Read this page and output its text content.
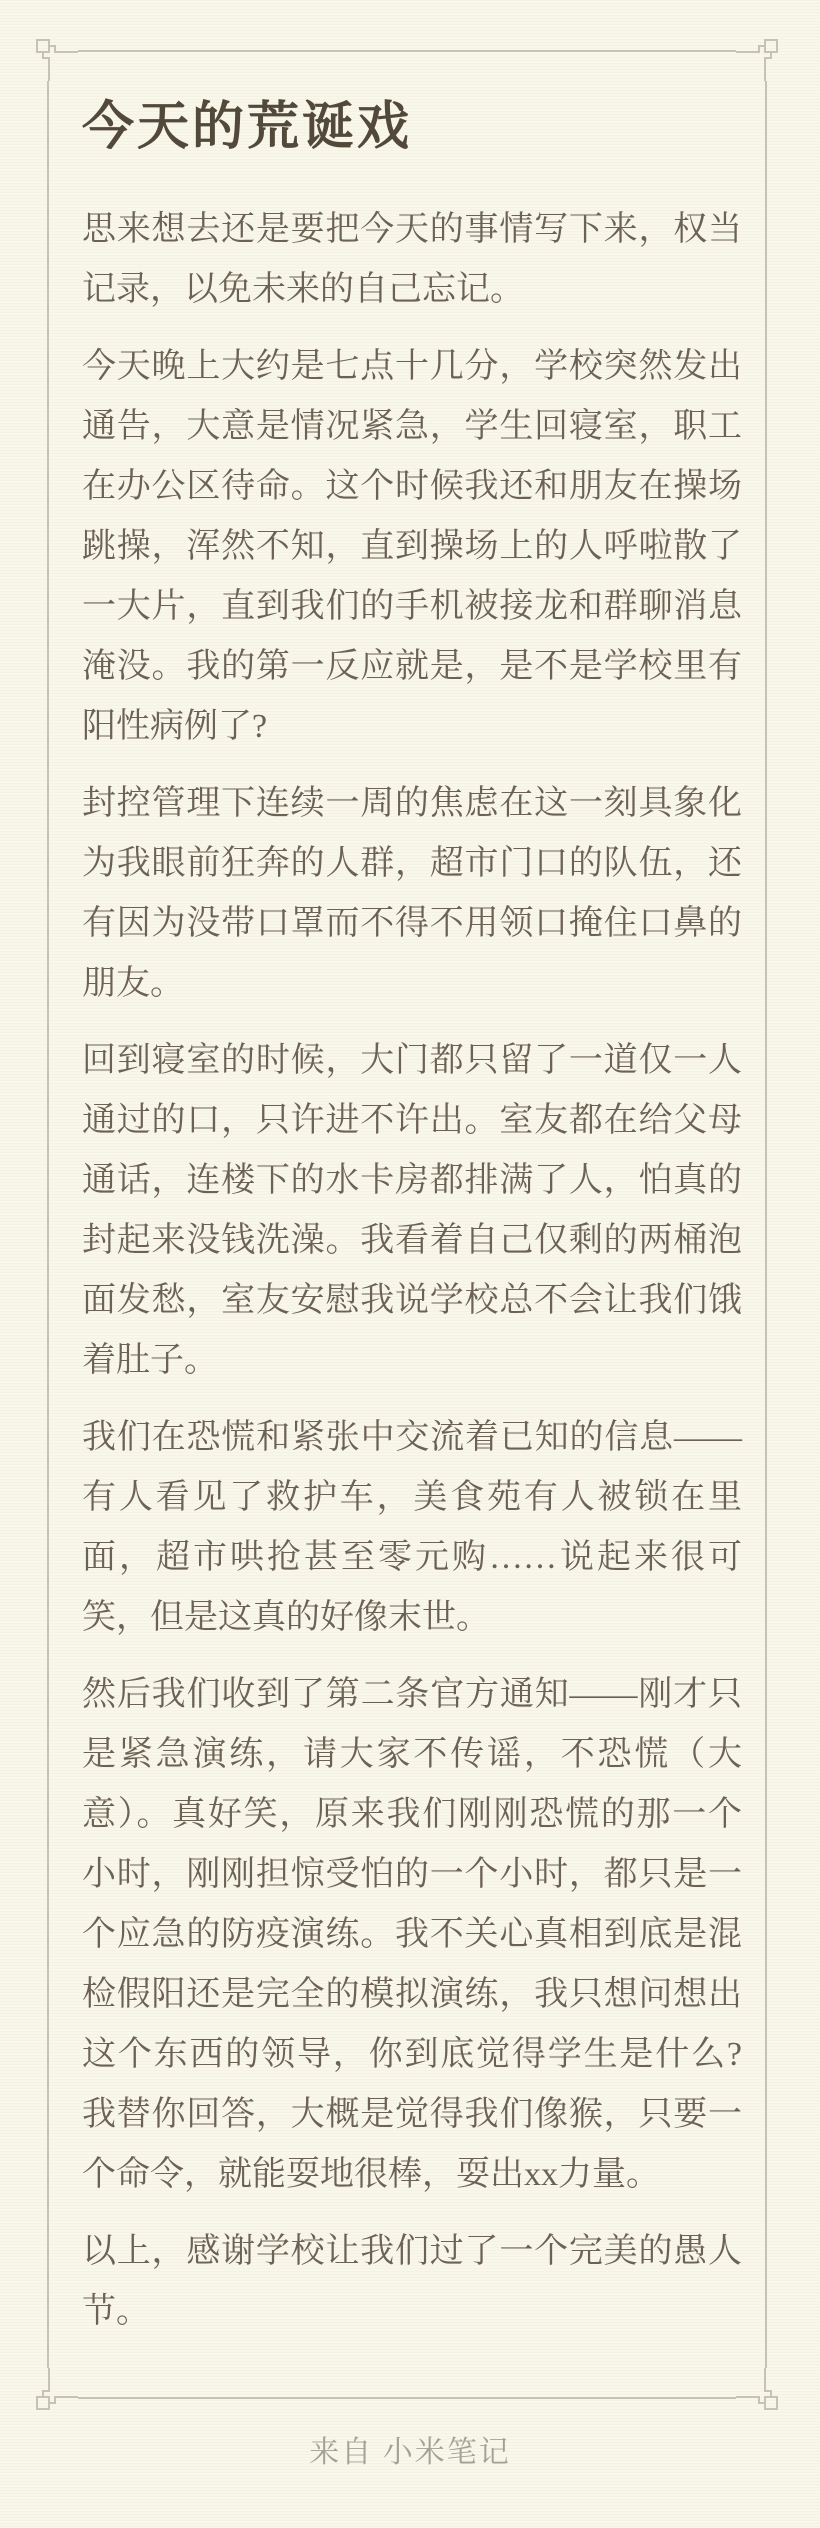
今天的荒诞戏

思来想去还是要把今天的事情写下来，权当记录，以免未来的自己忘记。

今天晚上大约是七点十几分，学校突然发出通告，大意是情况紧急，学生回寝室，职工在办公区待命。这个时候我还和朋友在操场跳操，浑然不知，直到操场上的人呼啦散了一大片，直到我们的手机被接龙和群聊消息淹没。我的第一反应就是，是不是学校里有阳性病例了?

封控管理下连续一周的焦虑在这一刻具象化为我眼前狂奔的人群，超市门口的队伍，还有因为没带口罩而不得不用领口掩住口鼻的朋友。

回到寝室的时候，大门都只留了一道仅一人通过的口，只许进不许出。室友都在给父母通话，连楼下的水卡房都排满了人，怕真的封起来没钱洗澡。我看着自己仅剩的两桶泡面发愁，室友安慰我说学校总不会让我们饿着肚子。

我们在恐慌和紧张中交流着已知的信息——有人看见了救护车，美食苑有人被锁在里面，超市哄抢甚至零元购……说起来很可笑，但是这真的好像末世。

然后我们收到了第二条官方通知——刚才只是紧急演练，请大家不传谣，不恐慌（大意）。真好笑，原来我们刚刚恐慌的那一个小时，刚刚担惊受怕的一个小时，都只是一个应急的防疫演练。我不关心真相到底是混检假阳还是完全的模拟演练，我只想问想出这个东西的领导，你到底觉得学生是什么?我替你回答，大概是觉得我们像猴，只要一个命令，就能耍地很棒，耍出xx力量。

以上，感谢学校让我们过了一个完美的愚人节。

来自 小米笔记
